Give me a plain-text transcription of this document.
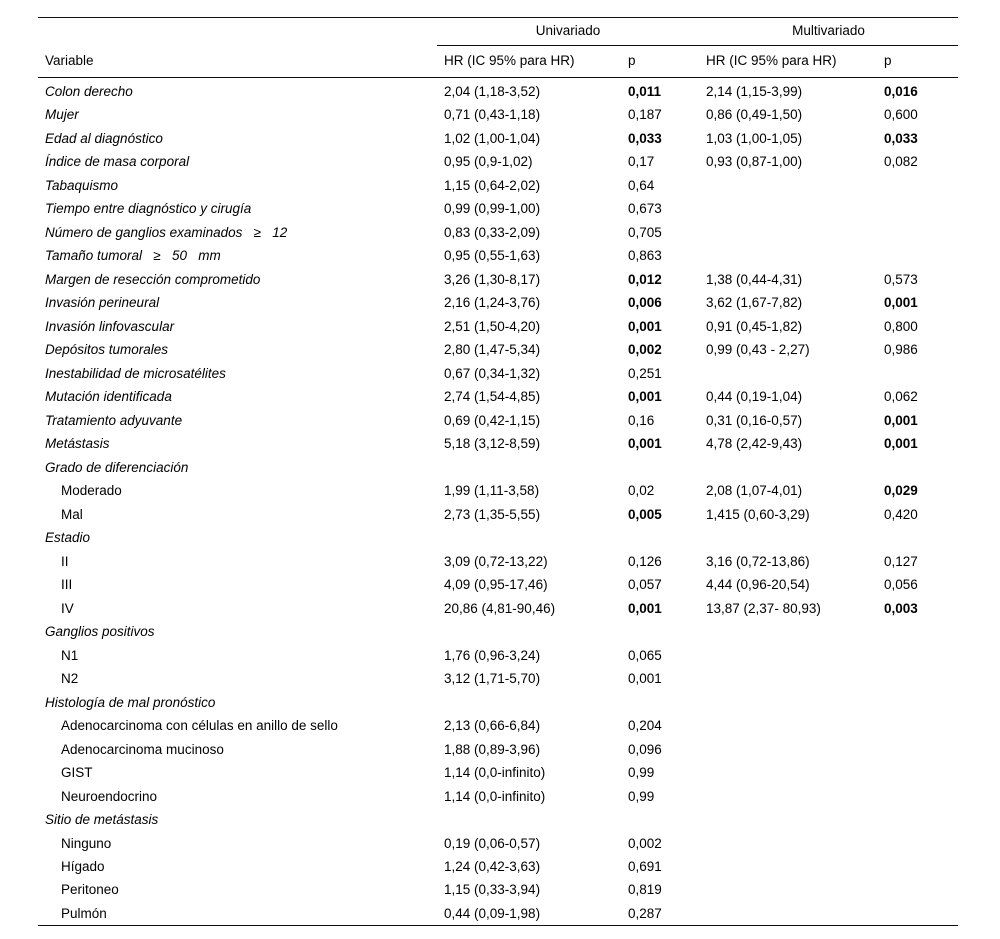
	Univariado		Multivariado	
Variable	HR (IC 95% para HR)	p	HR (IC 95% para HR)	p
Colon derecho	2,04 (1,18-3,52)	0,011	2,14 (1,15-3,99)	0,016
Mujer	0,71 (0,43-1,18)	0,187	0,86 (0,49-1,50)	0,600
Edad al diagnóstico	1,02 (1,00-1,04)	0,033	1,03 (1,00-1,05)	0,033
Índice de masa corporal	0,95 (0,9-1,02)	0,17	0,93 (0,87-1,00)	0,082
Tabaquismo	1,15 (0,64-2,02)	0,64		
Tiempo entre diagnóstico y cirugía	0,99 (0,99-1,00)	0,673		
Número de ganglios examinados   ≥   12	0,83 (0,33-2,09)	0,705		
Tamaño tumoral   ≥   50   mm	0,95 (0,55-1,63)	0,863		
Margen de resección comprometido	3,26 (1,30-8,17)	0,012	1,38 (0,44-4,31)	0,573
Invasión perineural	2,16 (1,24-3,76)	0,006	3,62 (1,67-7,82)	0,001
Invasión linfovascular	2,51 (1,50-4,20)	0,001	0,91 (0,45-1,82)	0,800
Depósitos tumorales	2,80 (1,47-5,34)	0,002	0,99 (0,43 - 2,27)	0,986
Inestabilidad de microsatélites	0,67 (0,34-1,32)	0,251		
Mutación identificada	2,74 (1,54-4,85)	0,001	0,44 (0,19-1,04)	0,062
Tratamiento adyuvante	0,69 (0,42-1,15)	0,16	0,31 (0,16-0,57)	0,001
Metástasis	5,18 (3,12-8,59)	0,001	4,78 (2,42-9,43)	0,001
Grado de diferenciación				
Moderado	1,99 (1,11-3,58)	0,02	2,08 (1,07-4,01)	0,029
Mal	2,73 (1,35-5,55)	0,005	1,415 (0,60-3,29)	0,420
Estadio				
II	3,09 (0,72-13,22)	0,126	3,16 (0,72-13,86)	0,127
III	4,09 (0,95-17,46)	0,057	4,44 (0,96-20,54)	0,056
IV	20,86 (4,81-90,46)	0,001	13,87 (2,37- 80,93)	0,003
Ganglios positivos				
N1	1,76 (0,96-3,24)	0,065		
N2	3,12 (1,71-5,70)	0,001		
Histología de mal pronóstico				
Adenocarcinoma con células en anillo de sello	2,13 (0,66-6,84)	0,204		
Adenocarcinoma mucinoso	1,88 (0,89-3,96)	0,096		
GIST	1,14 (0,0-infinito)	0,99		
Neuroendocrino	1,14 (0,0-infinito)	0,99		
Sitio de metástasis				
Ninguno	0,19 (0,06-0,57)	0,002		
Hígado	1,24 (0,42-3,63)	0,691		
Peritoneo	1,15 (0,33-3,94)	0,819		
Pulmón	0,44 (0,09-1,98)	0,287		
